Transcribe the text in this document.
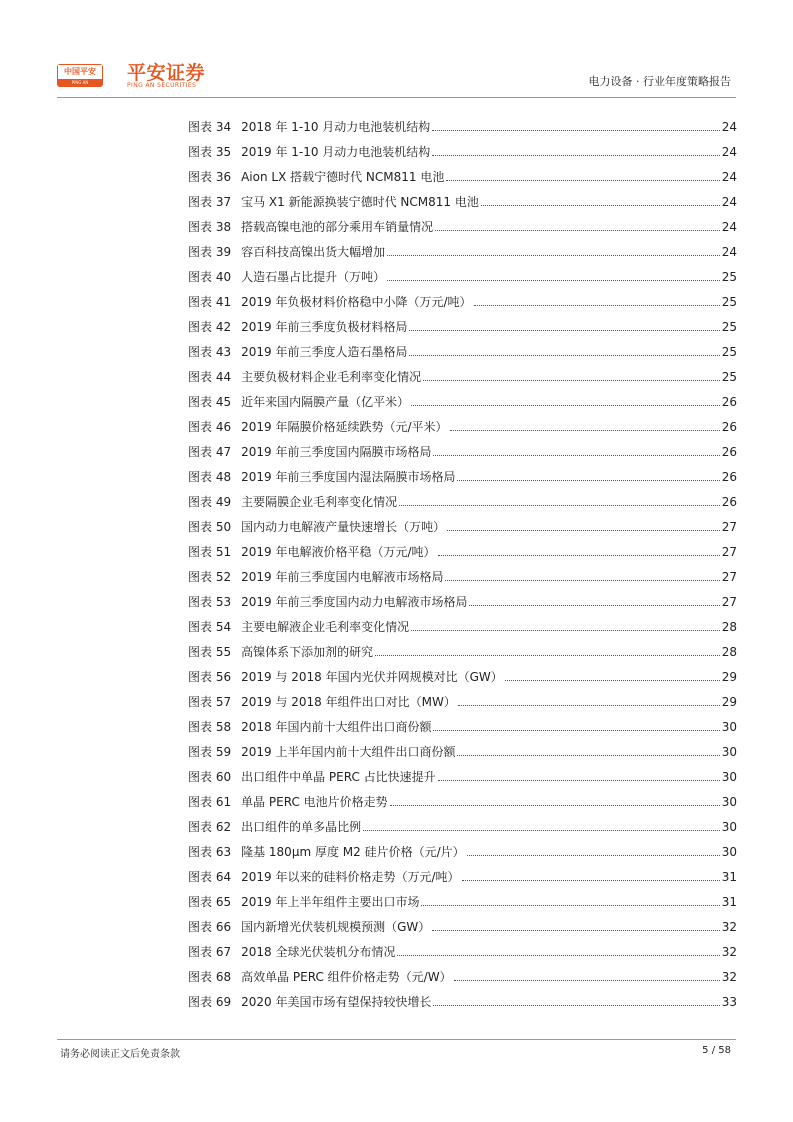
中国平安
PING AN	平安证券
PING AN SECURITIES	电力设备 · 行业年度策略报告
图表 34 2018 年 1-10 月动力电池装机结构	24
图表 35 2019 年 1-10 月动力电池装机结构	24
图表 36 Aion LX 搭载宁德时代 NCM811 电池	24
图表 37 宝马 X1 新能源换装宁德时代 NCM811 电池	24
图表 38 搭载高镍电池的部分乘用车销量情况	24
图表 39 容百科技高镍出货大幅增加	24
图表 40 人造石墨占比提升（万吨）	25
图表 41 2019 年负极材料价格稳中小降（万元/吨）	25
图表 42 2019 年前三季度负极材料格局	25
图表 43 2019 年前三季度人造石墨格局	25
图表 44 主要负极材料企业毛利率变化情况	25
图表 45 近年来国内隔膜产量（亿平米）	26
图表 46 2019 年隔膜价格延续跌势（元/平米）	26
图表 47 2019 年前三季度国内隔膜市场格局	26
图表 48 2019 年前三季度国内湿法隔膜市场格局	26
图表 49 主要隔膜企业毛利率变化情况	26
图表 50 国内动力电解液产量快速增长（万吨）	27
图表 51 2019 年电解液价格平稳（万元/吨）	27
图表 52 2019 年前三季度国内电解液市场格局	27
图表 53 2019 年前三季度国内动力电解液市场格局	27
图表 54 主要电解液企业毛利率变化情况	28
图表 55 高镍体系下添加剂的研究	28
图表 56 2019 与 2018 年国内光伏并网规模对比（GW）	29
图表 57 2019 与 2018 年组件出口对比（MW）	29
图表 58 2018 年国内前十大组件出口商份额	30
图表 59 2019 上半年国内前十大组件出口商份额	30
图表 60 出口组件中单晶 PERC 占比快速提升	30
图表 61 单晶 PERC 电池片价格走势	30
图表 62 出口组件的单多晶比例	30
图表 63 隆基 180μm 厚度 M2 硅片价格（元/片）	30
图表 64 2019 年以来的硅料价格走势（万元/吨）	31
图表 65 2019 年上半年组件主要出口市场	31
图表 66 国内新增光伏装机规模预测（GW）	32
图表 67 2018 全球光伏装机分布情况	32
图表 68 高效单晶 PERC 组件价格走势（元/W）	32
图表 69 2020 年美国市场有望保持较快增长	33
请务必阅读正文后免责条款	5 / 58
